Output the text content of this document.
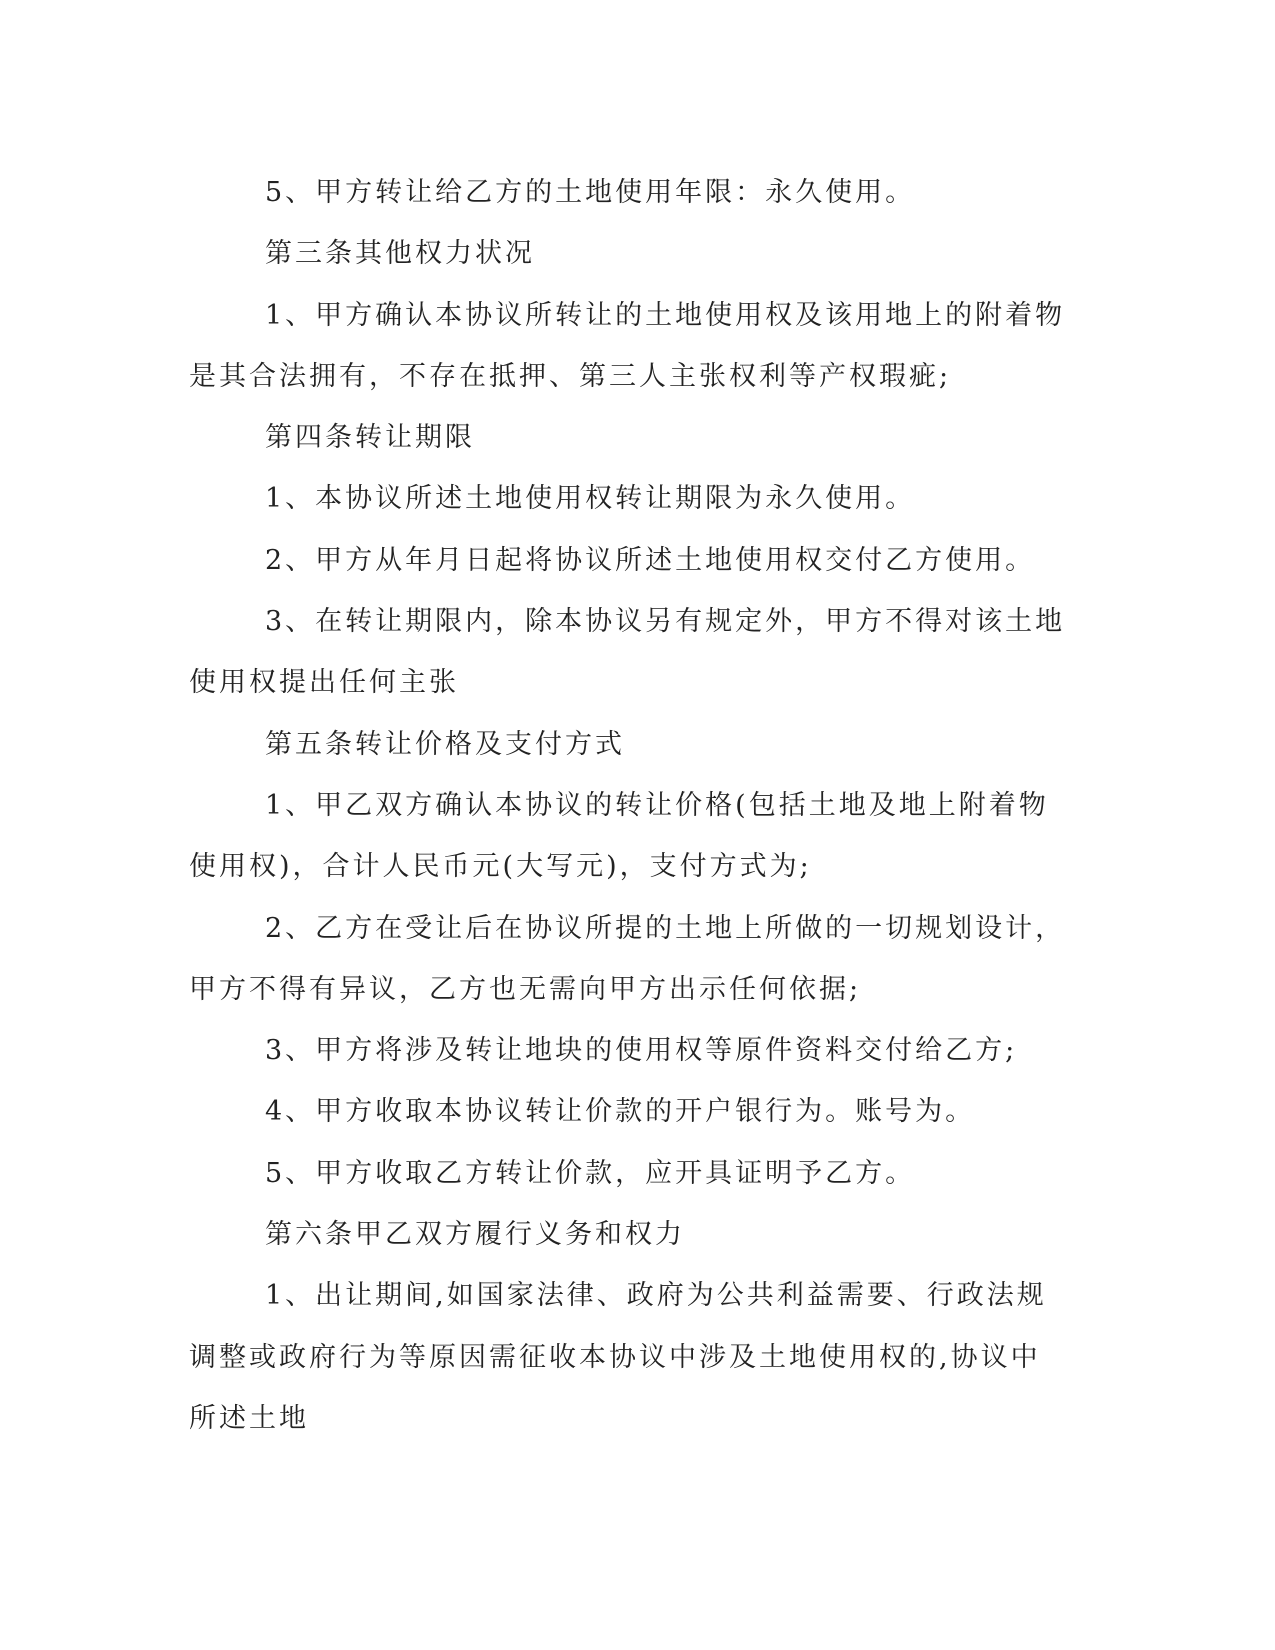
5、甲方转让给乙方的土地使用年限：永久使用。

第三条其他权力状况

1、甲方确认本协议所转让的土地使用权及该用地上的附着物是其合法拥有，不存在抵押、第三人主张权利等产权瑕疵;

第四条转让期限

1、本协议所述土地使用权转让期限为永久使用。

2、甲方从年月日起将协议所述土地使用权交付乙方使用。

3、在转让期限内，除本协议另有规定外，甲方不得对该土地使用权提出任何主张

第五条转让价格及支付方式

1、甲乙双方确认本协议的转让价格(包括土地及地上附着物使用权)，合计人民币元(大写元)，支付方式为;

2、乙方在受让后在协议所提的土地上所做的一切规划设计，甲方不得有异议，乙方也无需向甲方出示任何依据;

3、甲方将涉及转让地块的使用权等原件资料交付给乙方;

4、甲方收取本协议转让价款的开户银行为。账号为。

5、甲方收取乙方转让价款，应开具证明予乙方。

第六条甲乙双方履行义务和权力

1、出让期间,如国家法律、政府为公共利益需要、行政法规调整或政府行为等原因需征收本协议中涉及土地使用权的,协议中所述土地
